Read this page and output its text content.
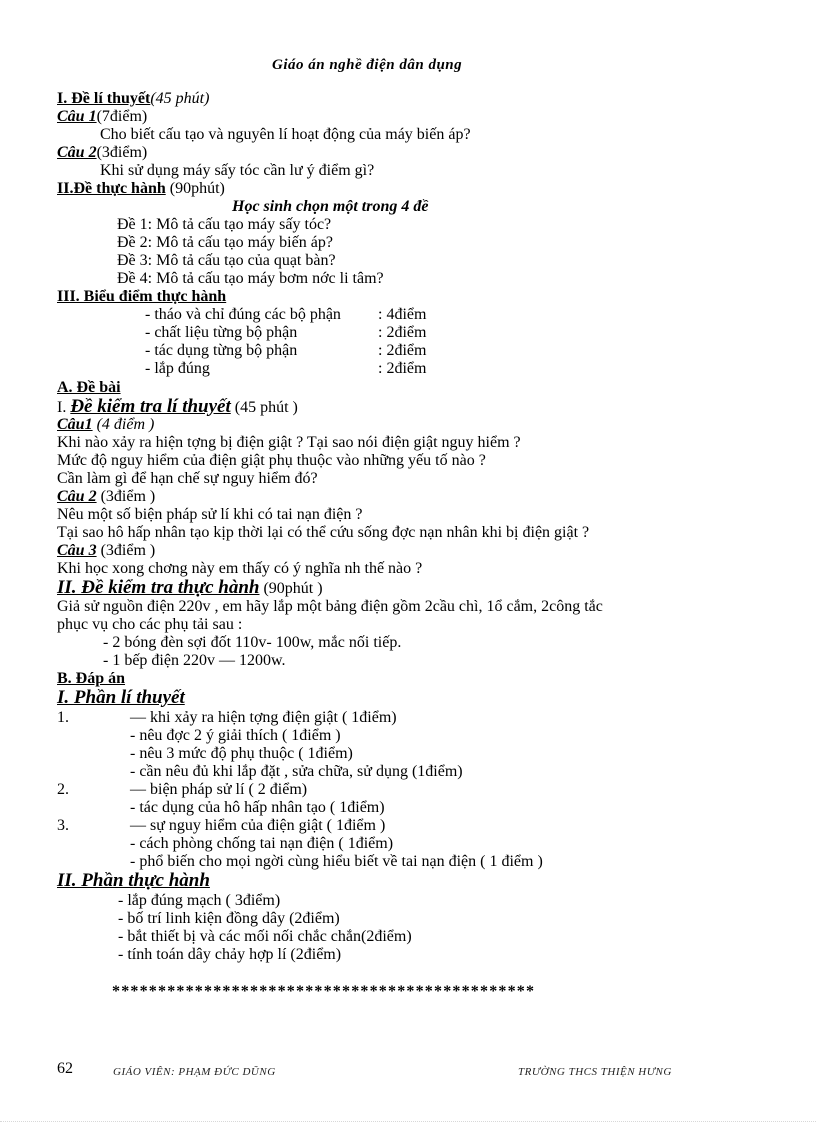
Giáo án nghề điện dân dụng
I. Đề lí thuyết(45 phút)
Câu 1(7điểm)
Cho biết cấu tạo và nguyên lí hoạt động của máy biến áp?
Câu 2(3điểm)
Khi sử dụng máy sấy tóc cần lư ý điểm gì?
II.Đề thực hành (90phút)
Học sinh chọn một trong 4 đề
Đề 1: Mô tả cấu tạo máy sấy tóc?
Đề 2: Mô tả cấu tạo máy biến áp?
Đề 3: Mô tả cấu tạo của quạt bàn?
Đề 4: Mô tả cấu tạo máy bơm nớc li tâm?
III. Biểu điểm thực hành
- tháo và chỉ đúng các bộ phận : 4điểm
- chất liệu từng bộ phận	: 2điểm
- tác dụng từng bộ phận	: 2điểm
- lắp đúng	: 2điểm
A. Đề bài
I. Đề kiểm tra lí thuyết (45 phút )
Câu1 (4 điểm )
Khi nào xảy ra hiện tợng bị điện giật ? Tại sao nói điện giật nguy hiểm ?
Mức độ nguy hiểm của điện giật phụ thuộc vào những yếu tố nào ?
Cần làm gì để hạn chế sự nguy hiểm đó?
Câu 2 (3điểm )
Nêu một số biện pháp sử lí khi có tai nạn điện ?
Tại sao hô hấp nhân tạo kịp thời lại có thể cứu sống đợc nạn nhân khi bị điện giật ?
Câu 3 (3điểm )
Khi học xong chơng này em thấy có ý nghĩa nh thế nào ?
II. Đề kiểm tra thực hành (90phút )
Giả sử nguồn điện 220v , em hãy lắp một bảng điện gồm 2cầu chì, 1ổ cắm, 2công tắc
phục vụ cho các phụ tải sau :
- 2 bóng đèn sợi đốt 110v- 100w, mắc nối tiếp.
- 1 bếp điện 220v — 1200w.
B. Đáp án
I. Phần lí thuyết
1.	— khi xảy ra hiện tợng điện giật ( 1điểm)
- nêu đợc 2 ý giải thích ( 1điểm )
- nêu 3 mức độ phụ thuộc ( 1điểm)
- cần nêu đủ khi lắp đặt , sửa chữa, sử dụng (1điểm)
2.	— biện pháp sử lí ( 2 điểm)
- tác dụng của hô hấp nhân tạo ( 1điểm)
3.	— sự nguy hiểm của điện giật ( 1điểm )
- cách phòng chống tai nạn điện ( 1điểm)
- phổ biến cho mọi ngời cùng hiểu biết về tai nạn điện ( 1 điểm )
II. Phần thực hành
- lắp đúng mạch ( 3điểm)
- bố trí linh kiện đồng dây (2điểm)
- bắt thiết bị và các mối nối chắc chắn(2điểm)
- tính toán dây chảy hợp lí (2điểm)
**********************************************
62	GIÁO VIÊN: PHẠM ĐỨC DŨNG	TRƯỜNG THCS THIỆN HƯNG
